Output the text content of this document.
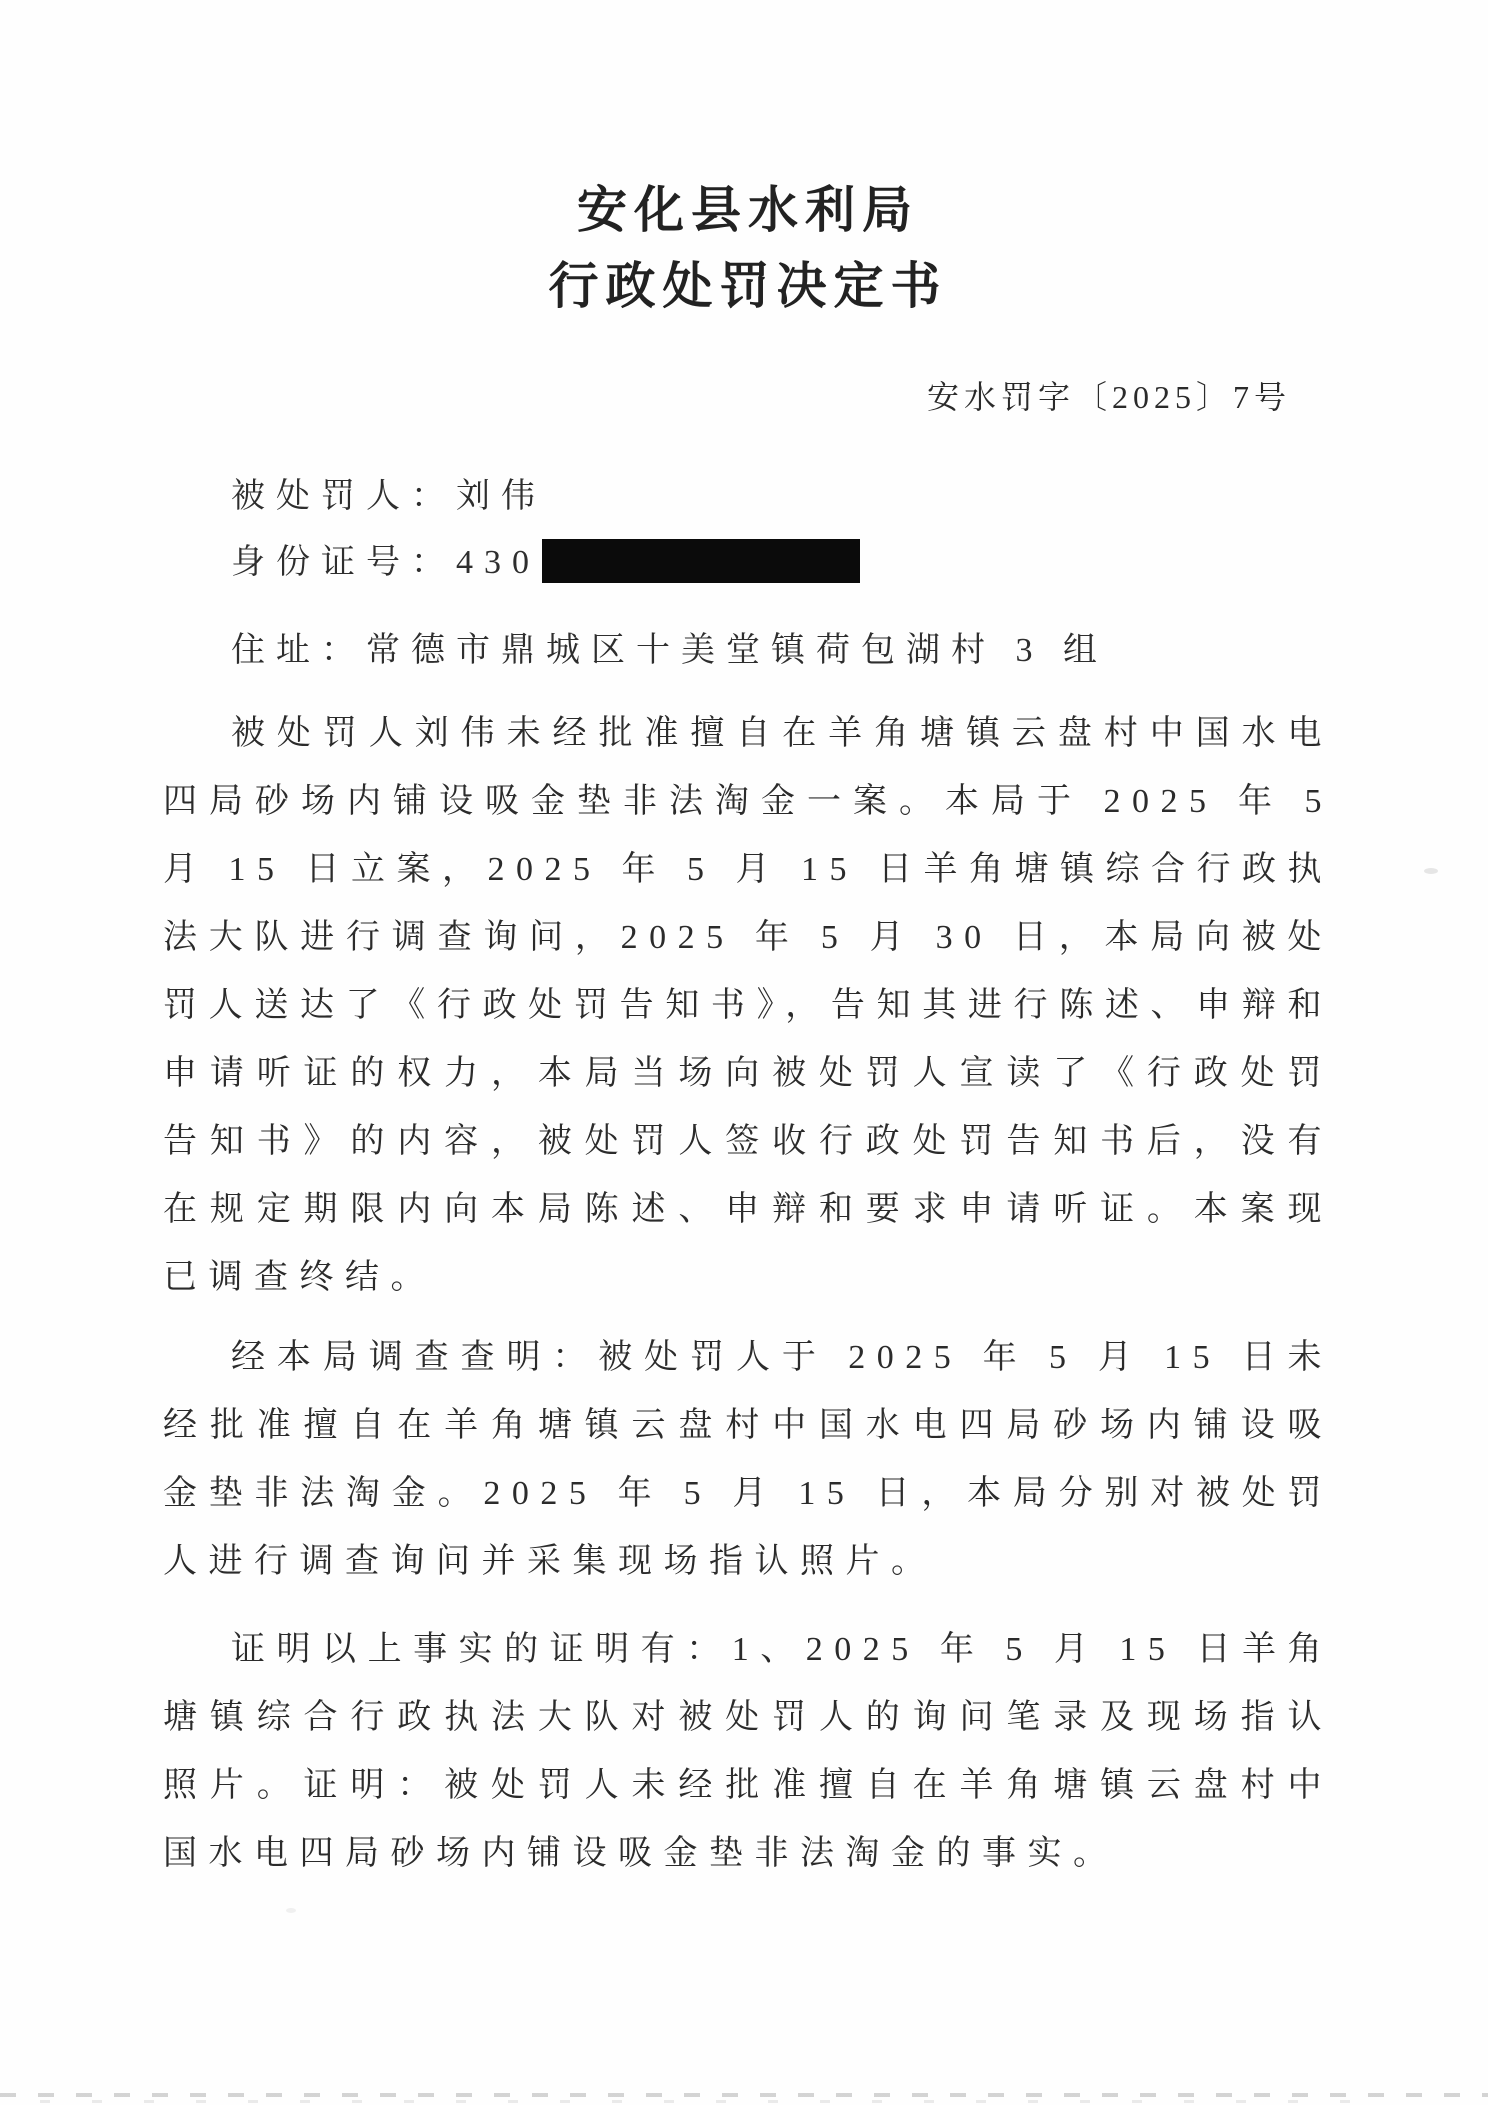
安化县水利局
行政处罚决定书
安水罚字〔2025〕7号
被处罚人：刘伟
身份证号：430
住址：常德市鼎城区十美堂镇荷包湖村 3 组

被处罚人刘伟未经批准擅自在羊角塘镇云盘村中国水电四局砂场内铺设吸金垫非法淘金一案。本局于 2025 年 5 月 15 日立案，2025 年 5 月 15 日羊角塘镇综合行政执法大队进行调查询问，2025 年 5 月 30 日，本局向被处罚人送达了《行政处罚告知书》，告知其进行陈述、申辩和申请听证的权力，本局当场向被处罚人宣读了《行政处罚告知书》的内容，被处罚人签收行政处罚告知书后，没有在规定期限内向本局陈述、申辩和要求申请听证。本案现已调查终结。

经本局调查查明：被处罚人于 2025 年 5 月 15 日未经批准擅自在羊角塘镇云盘村中国水电四局砂场内铺设吸金垫非法淘金。2025 年 5 月 15 日，本局分别对被处罚人进行调查询问并采集现场指认照片。

证明以上事实的证明有：1、2025 年 5 月 15 日羊角塘镇综合行政执法大队对被处罚人的询问笔录及现场指认照片。证明：被处罚人未经批准擅自在羊角塘镇云盘村中国水电四局砂场内铺设吸金垫非法淘金的事实。
